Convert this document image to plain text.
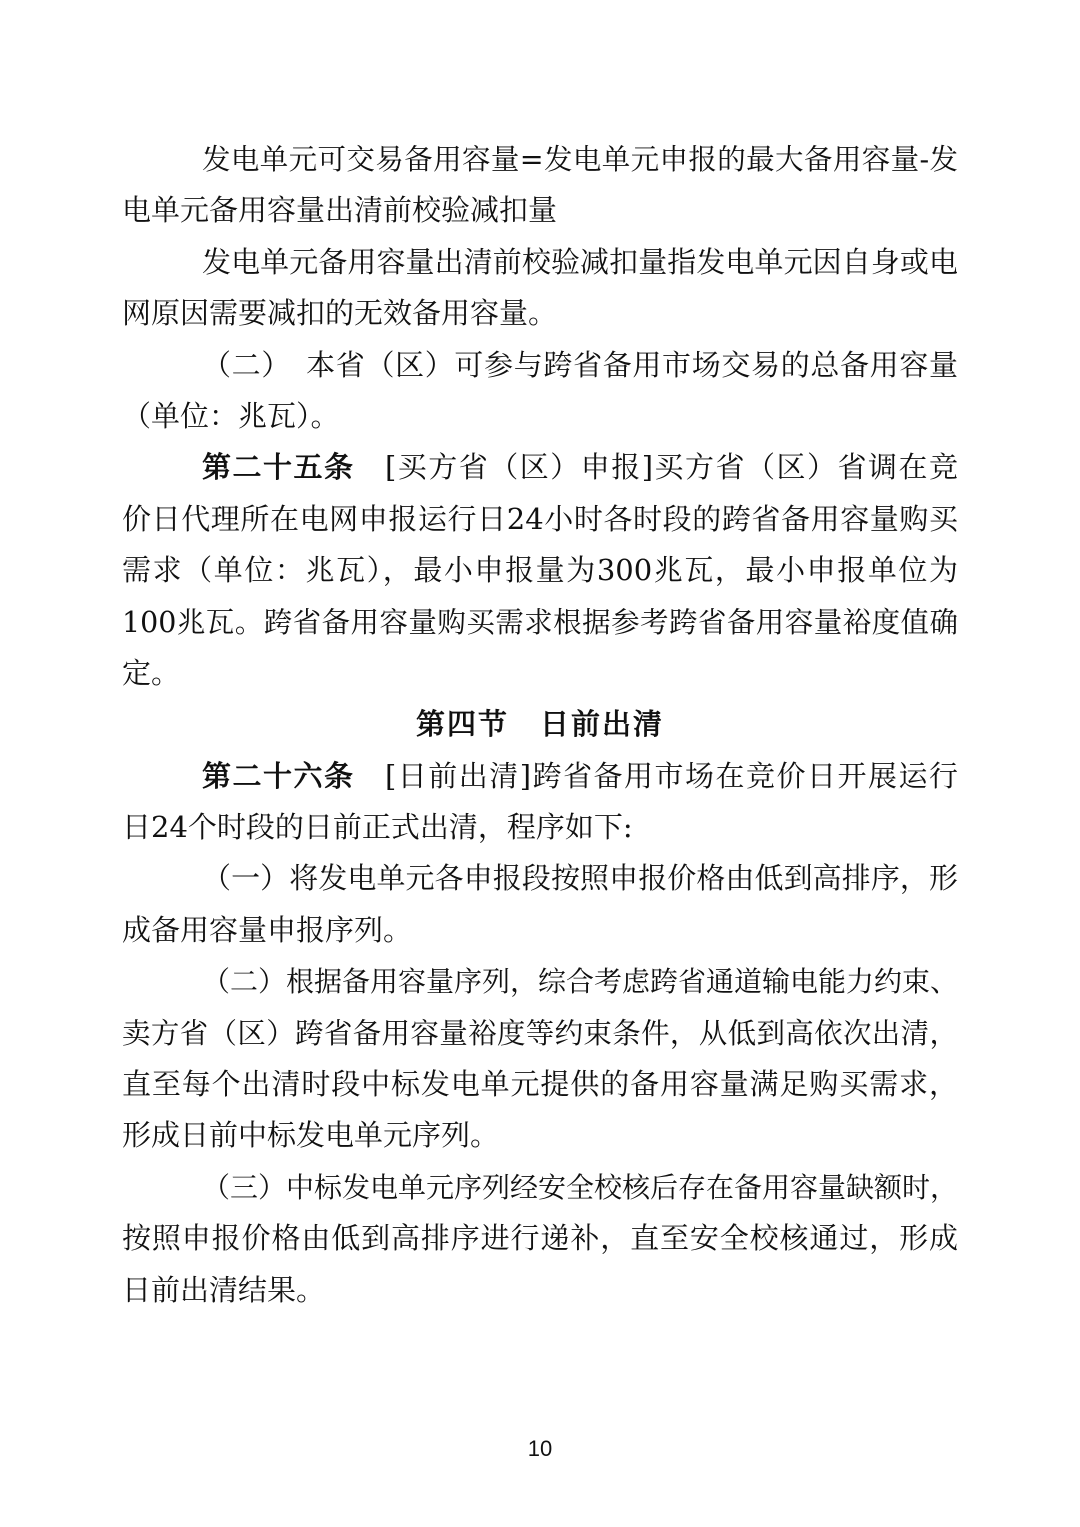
发电单元可交易备用容量=发电单元申报的最大备用容量-发
电单元备用容量出清前校验减扣量
发电单元备用容量出清前校验减扣量指发电单元因自身或电
网原因需要减扣的无效备用容量。
（二）　本省（区）可参与跨省备用市场交易的总备用容量
（单位：兆瓦）。
第二十五条　[买方省（区）申报]买方省（区）省调在竞
价日代理所在电网申报运行日24小时各时段的跨省备用容量购买
需求（单位：兆瓦），最小申报量为300兆瓦，最小申报单位为
100兆瓦。跨省备用容量购买需求根据参考跨省备用容量裕度值确
定。
第四节　日前出清
第二十六条　[日前出清]跨省备用市场在竞价日开展运行
日24个时段的日前正式出清，程序如下:
（一）将发电单元各申报段按照申报价格由低到高排序，形
成备用容量申报序列。
（二）根据备用容量序列，综合考虑跨省通道输电能力约束、
卖方省（区）跨省备用容量裕度等约束条件，从低到高依次出清，
直至每个出清时段中标发电单元提供的备用容量满足购买需求，
形成日前中标发电单元序列。
（三）中标发电单元序列经安全校核后存在备用容量缺额时，
按照申报价格由低到高排序进行递补，直至安全校核通过，形成
日前出清结果。
10
